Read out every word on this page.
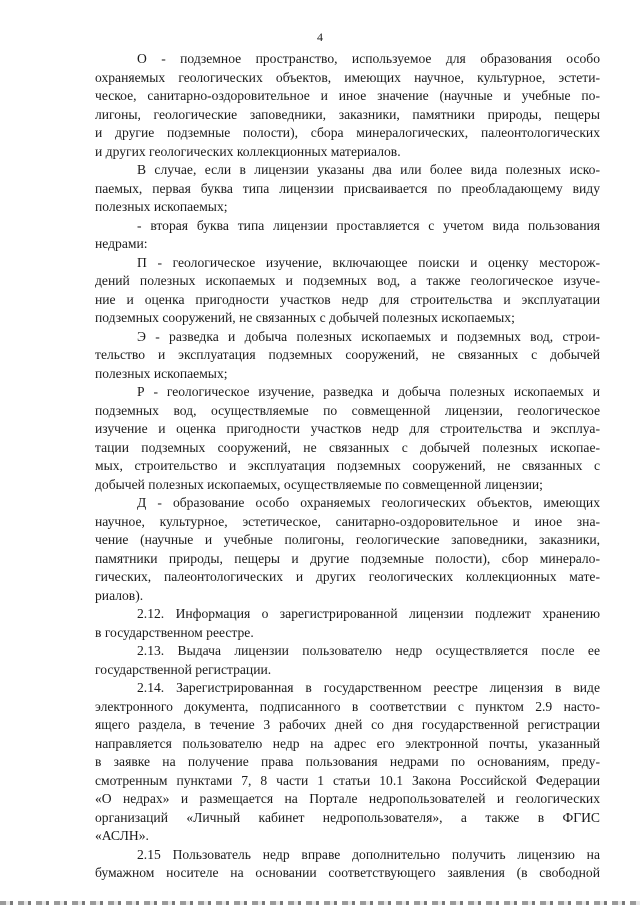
4
О - подземное пространство, используемое для образования особо
охраняемых геологических объектов, имеющих научное, культурное, эстети-
ческое, санитарно-оздоровительное и иное значение (научные и учебные по-
лигоны, геологические заповедники, заказники, памятники природы, пещеры
и другие подземные полости), сбора минералогических, палеонтологических
и других геологических коллекционных материалов.
В случае, если в лицензии указаны два или более вида полезных иско-
паемых, первая буква типа лицензии присваивается по преобладающему виду
полезных ископаемых;
- вторая буква типа лицензии проставляется с учетом вида пользования
недрами:
П - геологическое изучение, включающее поиски и оценку месторож-
дений полезных ископаемых и подземных вод, а также геологическое изуче-
ние и оценка пригодности участков недр для строительства и эксплуатации
подземных сооружений, не связанных с добычей полезных ископаемых;
Э - разведка и добыча полезных ископаемых и подземных вод, строи-
тельство и эксплуатация подземных сооружений, не связанных с добычей
полезных ископаемых;
Р - геологическое изучение, разведка и добыча полезных ископаемых и
подземных вод, осуществляемые по совмещенной лицензии, геологическое
изучение и оценка пригодности участков недр для строительства и эксплуа-
тации подземных сооружений, не связанных с добычей полезных ископае-
мых, строительство и эксплуатация подземных сооружений, не связанных с
добычей полезных ископаемых, осуществляемые по совмещенной лицензии;
Д - образование особо охраняемых геологических объектов, имеющих
научное, культурное, эстетическое, санитарно-оздоровительное и иное зна-
чение (научные и учебные полигоны, геологические заповедники, заказники,
памятники природы, пещеры и другие подземные полости), сбор минерало-
гических, палеонтологических и других геологических коллекционных мате-
риалов).
2.12. Информация о зарегистрированной лицензии подлежит хранению
в государственном реестре.
2.13. Выдача лицензии пользователю недр осуществляется после ее
государственной регистрации.
2.14. Зарегистрированная в государственном реестре лицензия в виде
электронного документа, подписанного в соответствии с пунктом 2.9 насто-
ящего раздела, в течение 3 рабочих дней со дня государственной регистрации
направляется пользователю недр на адрес его электронной почты, указанный
в заявке на получение права пользования недрами по основаниям, преду-
смотренным пунктами 7, 8 части 1 статьи 10.1 Закона Российской Федерации
«О недрах» и размещается на Портале недропользователей и геологических
организаций «Личный кабинет недропользователя», а также в ФГИС
«АСЛН».
2.15 Пользователь недр вправе дополнительно получить лицензию на
бумажном носителе на основании соответствующего заявления (в свободной
